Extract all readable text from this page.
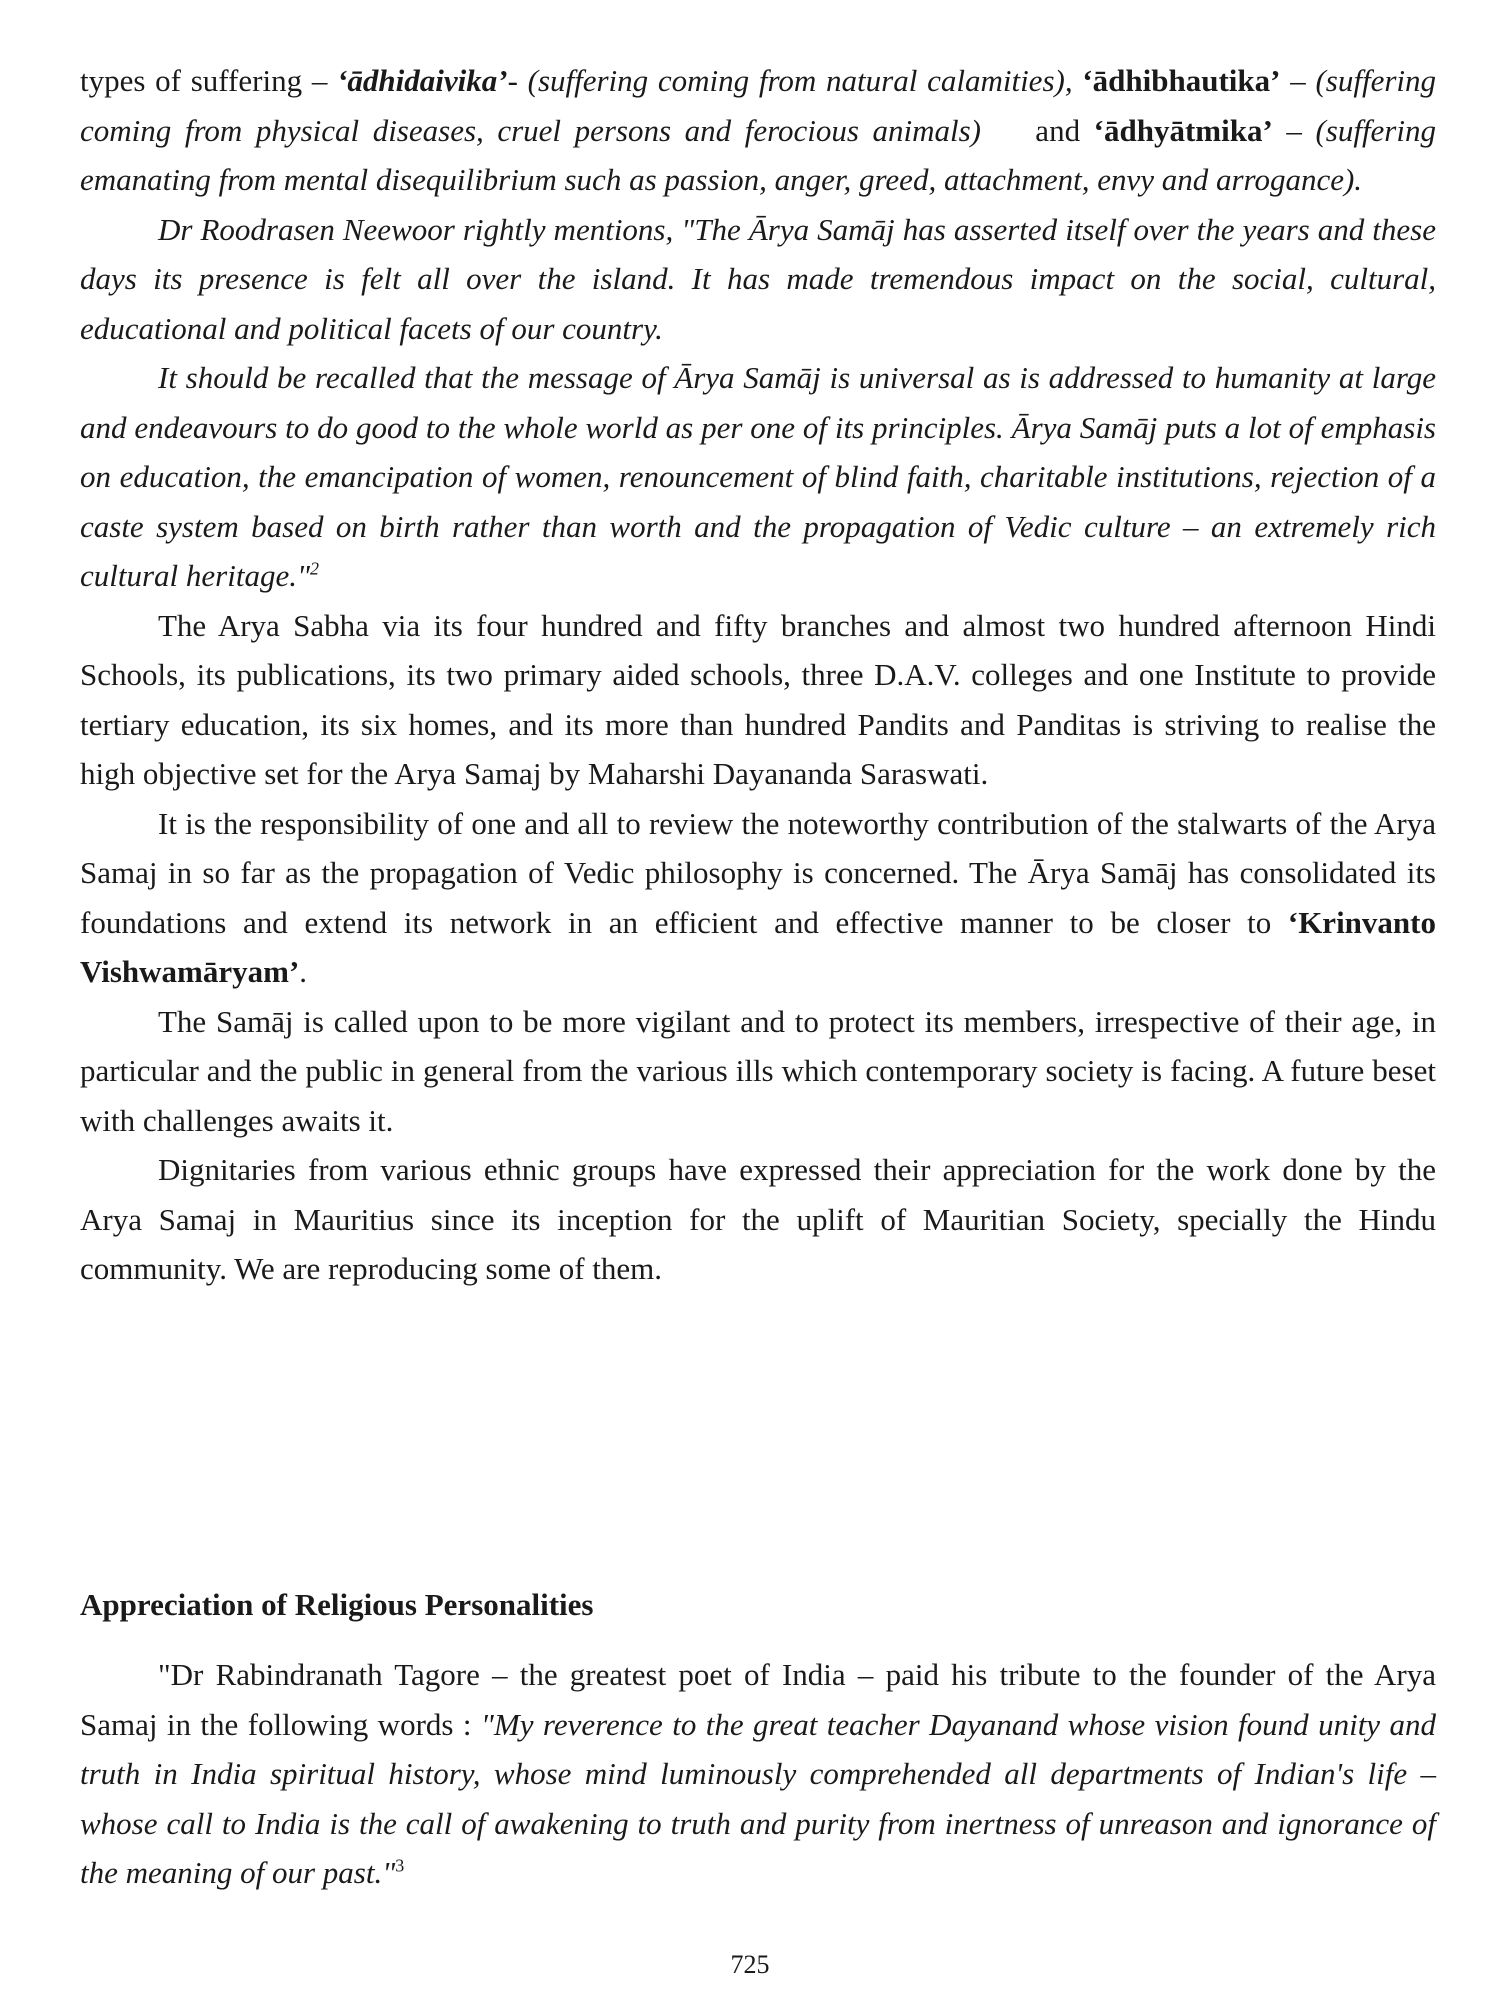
types of suffering – ‘ādhidaivika’- (suffering coming from natural calamities), ‘ādhibhautika’ – (suffering coming from physical diseases, cruel persons and ferocious animals)    and ‘ādhyātmika’ – (suffering emanating from mental disequilibrium such as passion, anger, greed, attachment, envy and arrogance).

Dr Roodrasen Neewoor rightly mentions, "The Ārya Samāj has asserted itself over the years and these days its presence is felt all over the island. It has made tremendous impact on the social, cultural, educational and political facets of our country.

It should be recalled that the message of Ārya Samāj is universal as is addressed to humanity at large and endeavours to do good to the whole world as per one of its principles. Ārya Samāj puts a lot of emphasis on education, the emancipation of women, renouncement of blind faith, charitable institutions, rejection of a caste system based on birth rather than worth and the propagation of Vedic culture – an extremely rich cultural heritage."$^2$

The Arya Sabha via its four hundred and fifty branches and almost two hundred afternoon Hindi Schools, its publications, its two primary aided schools, three D.A.V. colleges and one Institute to provide tertiary education, its six homes, and its more than hundred Pandits and Panditas is striving to realise the high objective set for the Arya Samaj by Maharshi Dayananda Saraswati.

It is the responsibility of one and all to review the noteworthy contribution of the stalwarts of the Arya Samaj in so far as the propagation of Vedic philosophy is concerned. The Ārya Samāj has consolidated its foundations and extend its network in an efficient and effective manner to be closer to ‘Krinvanto Vishwamāryam’.

The Samāj is called upon to be more vigilant and to protect its members, irrespective of their age, in particular and the public in general from the various ills which contemporary society is facing. A future beset with challenges awaits it.

Dignitaries from various ethnic groups have expressed their appreciation for the work done by the Arya Samaj in Mauritius since its inception for the uplift of Mauritian Society, specially the Hindu community. We are reproducing some of them.

Appreciation of Religious Personalities

"Dr Rabindranath Tagore – the greatest poet of India – paid his tribute to the founder of the Arya Samaj in the following words : "My reverence to the great teacher Dayanand whose vision found unity and truth in India spiritual history, whose mind luminously comprehended all departments of Indian's life – whose call to India is the call of awakening to truth and purity from inertness of unreason and ignorance of the meaning of our past."$^3$

725
